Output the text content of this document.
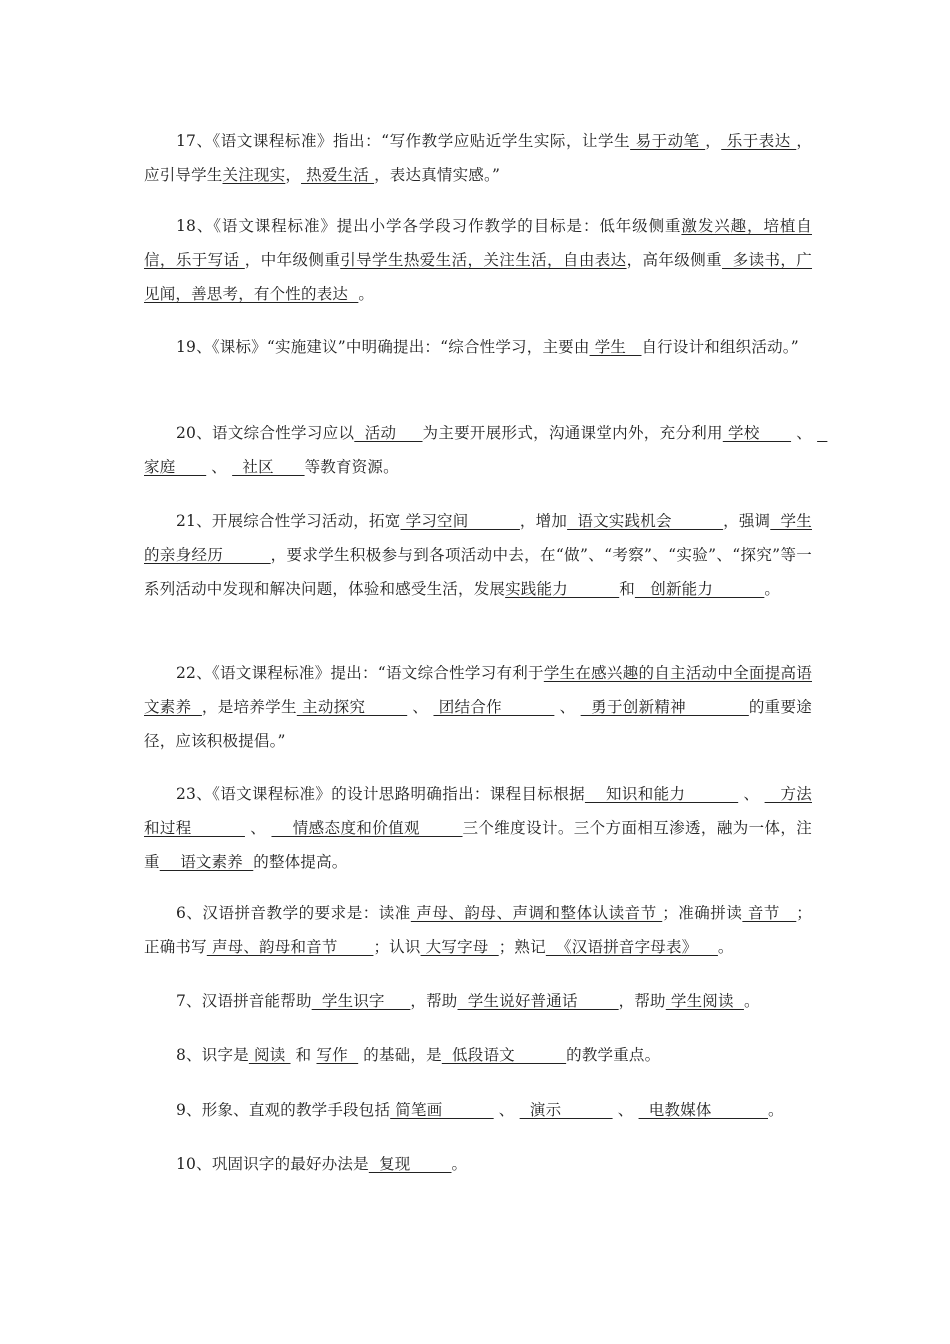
17、《语文课程标准》指出：“写作教学应贴近学生实际，让学生 易于动笔 ， 乐于表达 ，应引导学生关注现实， 热爱生活 ，表达真情实感。”
18、《语文课程标准》提出小学各学段习作教学的目标是：低年级侧重激发兴趣，培植自信，乐于写话 ，中年级侧重引导学生热爱生活，关注生活，自由表达，高年级侧重  多读书，广见闻，善思考，有个性的表达  。
19、《课标》“实施建议”中明确提出：“综合性学习，主要由 学生   自行设计和组织活动。”
20、语文综合性学习应以  活动     为主要开展形式，沟通课堂内外，充分利用 学校       、   家庭       、   社区      等教育资源。
21、开展综合性学习活动，拓宽 学习空间          ，增加  语文实践机会          ，强调  学生的亲身经历         ，要求学生积极参与到各项活动中去，在“做”、“考察”、“实验”、“探究”等一系列活动中发现和解决问题，体验和感受生活，发展实践能力          和   创新能力          。
22、《语文课程标准》提出：“语文综合性学习有利于学生在感兴趣的自主活动中全面提高语文素养  ，是培养学生 主动探究         、  团结合作           、   勇于创新精神            的重要途径，应该积极提倡。”
23、《语文课程标准》的设计思路明确指出：课程目标根据    知识和能力           、    方法和过程           、     情感态度和价值观        三个维度设计。三个方面相互渗透，融为一体，注重    语文素养  的整体提高。
6、汉语拼音教学的要求是：读准 声母、韵母、声调和整体认读音节 ；准确拼读 音节   ；正确书写 声母、韵母和音节       ；认识 大写字母  ；熟记  《汉语拼音字母表》    。
7、汉语拼音能帮助  学生识字     ，帮助  学生说好普通话        ，帮助 学生阅读  。
8、识字是 阅读  和 写作   的基础，是  低段语文          的教学重点。
9、形象、直观的教学手段包括 简笔画           、   演示           、   电教媒体           。
10、巩固识字的最好办法是  复现        。
